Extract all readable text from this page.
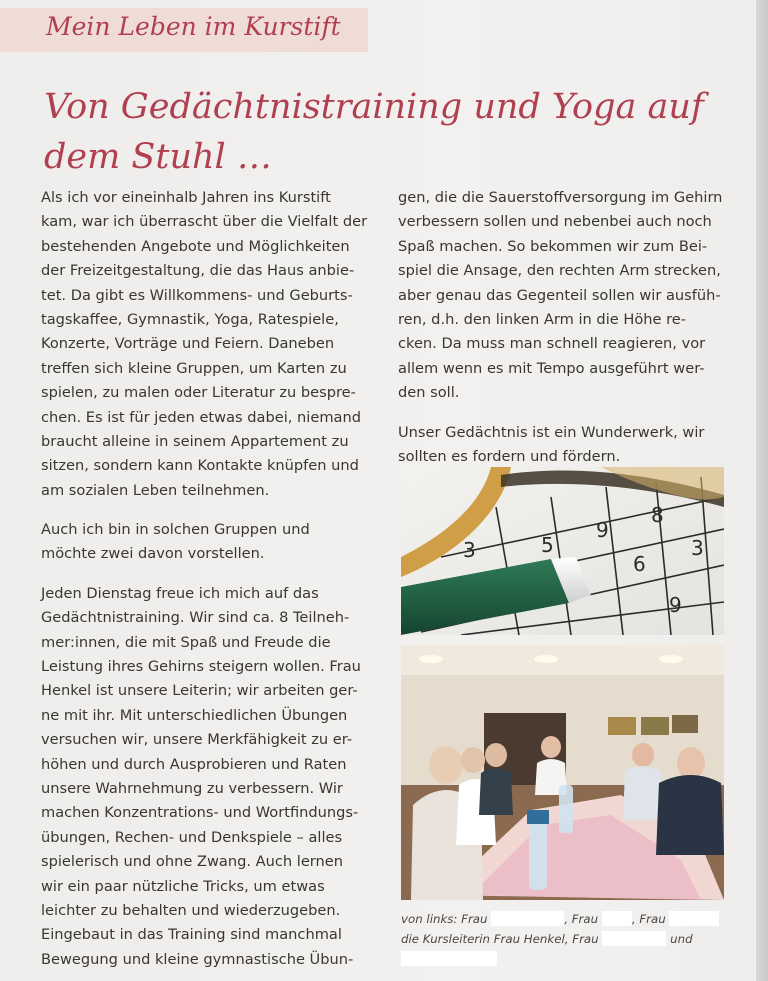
Mein Leben im Kurstift
Von Gedächtnistraining und Yoga auf
dem Stuhl …
Als ich vor eineinhalb Jahren ins Kurstift
kam, war ich überrascht über die Vielfalt der
bestehenden Angebote und Möglichkeiten
der Freizeitgestaltung, die das Haus anbie-
tet. Da gibt es Willkommens- und Geburts-
tagskaffee, Gymnastik, Yoga, Ratespiele,
Konzerte, Vorträge und Feiern. Daneben
treffen sich kleine Gruppen, um Karten zu
spielen, zu malen oder Literatur zu bespre-
chen. Es ist für jeden etwas dabei, niemand
braucht alleine in seinem Appartement zu
sitzen, sondern kann Kontakte knüpfen und
am sozialen Leben teilnehmen.
Auch ich bin in solchen Gruppen und
möchte zwei davon vorstellen.
Jeden Dienstag freue ich mich auf das
Gedächtnistraining. Wir sind ca. 8 Teilneh-
mer:innen, die mit Spaß und Freude die
Leistung ihres Gehirns steigern wollen. Frau
Henkel ist unsere Leiterin; wir arbeiten ger-
ne mit ihr. Mit unterschiedlichen Übungen
versuchen wir, unsere Merkfähigkeit zu er-
höhen und durch Ausprobieren und Raten
unsere Wahrnehmung zu verbessern. Wir
machen Konzentrations- und Wortfindungs-
übungen, Rechen- und Denkspiele – alles
spielerisch und ohne Zwang. Auch lernen
wir ein paar nützliche Tricks, um etwas
leichter zu behalten und wiederzugeben.
Eingebaut in das Training sind manchmal
Bewegung und kleine gymnastische Übun-
gen, die die Sauerstoffversorgung im Gehirn
verbessern sollen und nebenbei auch noch
Spaß machen. So bekommen wir zum Bei-
spiel die Ansage, den rechten Arm strecken,
aber genau das Gegenteil sollen wir ausfüh-
ren, d.h. den linken Arm in die Höhe re-
cken. Da muss man schnell reagieren, vor
allem wenn es mit Tempo ausgeführt wer-
den soll.
Unser Gedächtnis ist ein Wunderwerk, wir
sollten es fordern und fördern.
8
9
5	3
6
3
9
von links: Frau	, Frau	, Frau
die Kursleiterin Frau Henkel, Frau	und
